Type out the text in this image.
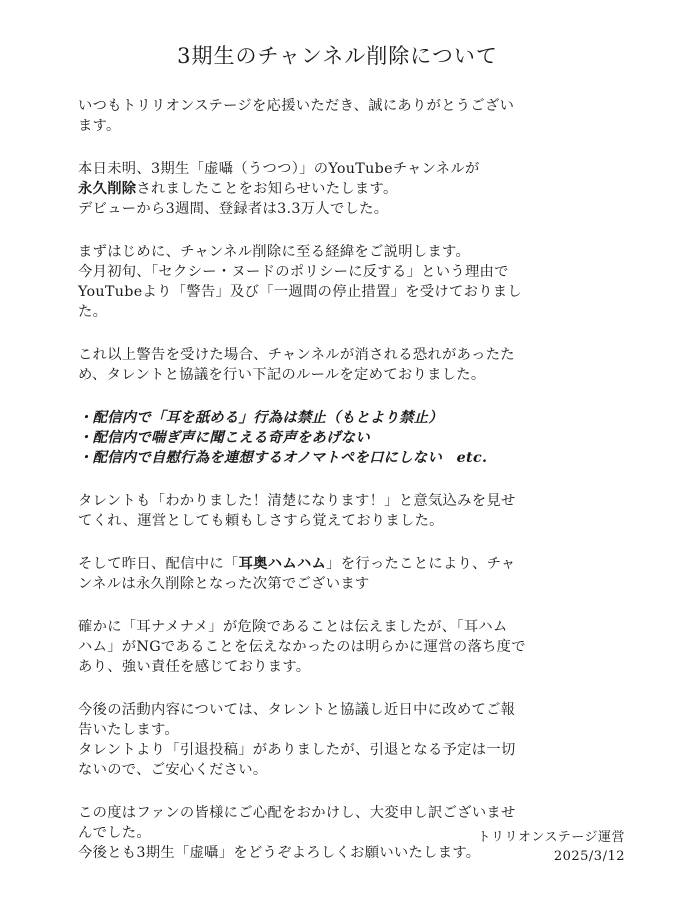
3期生のチャンネル削除について
いつもトリリオンステージを応援いただき、誠にありがとうござい
ます。
本日未明、3期生「虚囁（うつつ）」のYouTubeチャンネルが
永久削除されましたことをお知らせいたします。
デビューから3週間、登録者は3.3万人でした。
まずはじめに、チャンネル削除に至る経緯をご説明します。
今月初旬、「セクシー・ヌードのポリシーに反する」という理由で
YouTubeより「警告」及び「一週間の停止措置」を受けておりまし
た。
これ以上警告を受けた場合、チャンネルが消される恐れがあったた
め、タレントと協議を行い下記のルールを定めておりました。
・配信内で「耳を舐める」行為は禁止（もとより禁止）
・配信内で喘ぎ声に聞こえる奇声をあげない
・配信内で自慰行為を連想するオノマトペを口にしない　etc.
タレントも「わかりました！清楚になります！」と意気込みを見せ
てくれ、運営としても頼もしさすら覚えておりました。
そして昨日、配信中に「耳奥ハムハム」を行ったことにより、チャ
ンネルは永久削除となった次第でございます
確かに「耳ナメナメ」が危険であることは伝えましたが、「耳ハム
ハム」がNGであることを伝えなかったのは明らかに運営の落ち度で
あり、強い責任を感じております。
今後の活動内容については、タレントと協議し近日中に改めてご報
告いたします。
タレントより「引退投稿」がありましたが、引退となる予定は一切
ないので、ご安心ください。
この度はファンの皆様にご心配をおかけし、大変申し訳ございませ
んでした。
今後とも3期生「虚囁」をどうぞよろしくお願いいたします。
トリリオンステージ運営
2025/3/12
